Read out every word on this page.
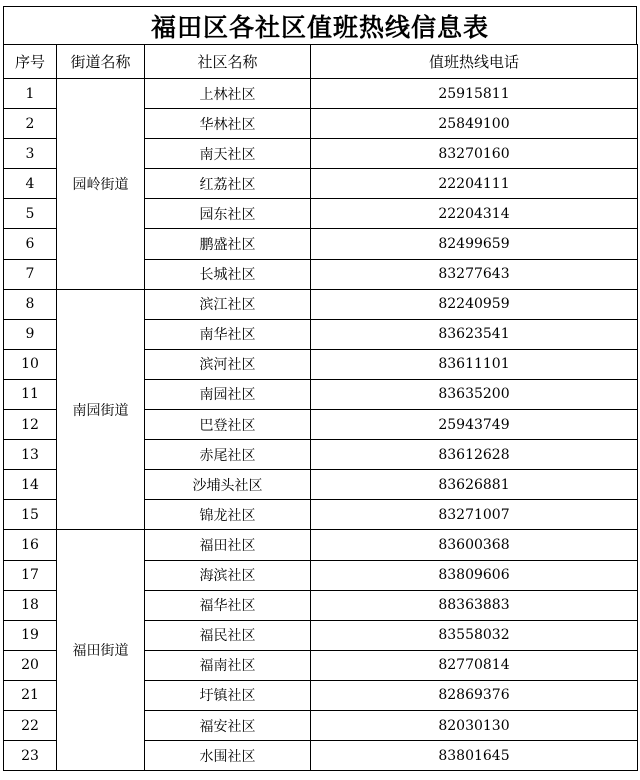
福田区各社区值班热线信息表
序号	街道名称	社区名称	值班热线电话
1	园岭街道	上林社区	25915811
2		华林社区	25849100
3		南天社区	83270160
4		红荔社区	22204111
5		园东社区	22204314
6		鹏盛社区	82499659
7		长城社区	83277643
8	南园街道	滨江社区	82240959
9		南华社区	83623541
10		滨河社区	83611101
11		南园社区	83635200
12		巴登社区	25943749
13		赤尾社区	83612628
14		沙埔头社区	83626881
15		锦龙社区	83271007
16	福田街道	福田社区	83600368
17		海滨社区	83809606
18		福华社区	88363883
19		福民社区	83558032
20		福南社区	82770814
21		圩镇社区	82869376
22		福安社区	82030130
23		水围社区	83801645
